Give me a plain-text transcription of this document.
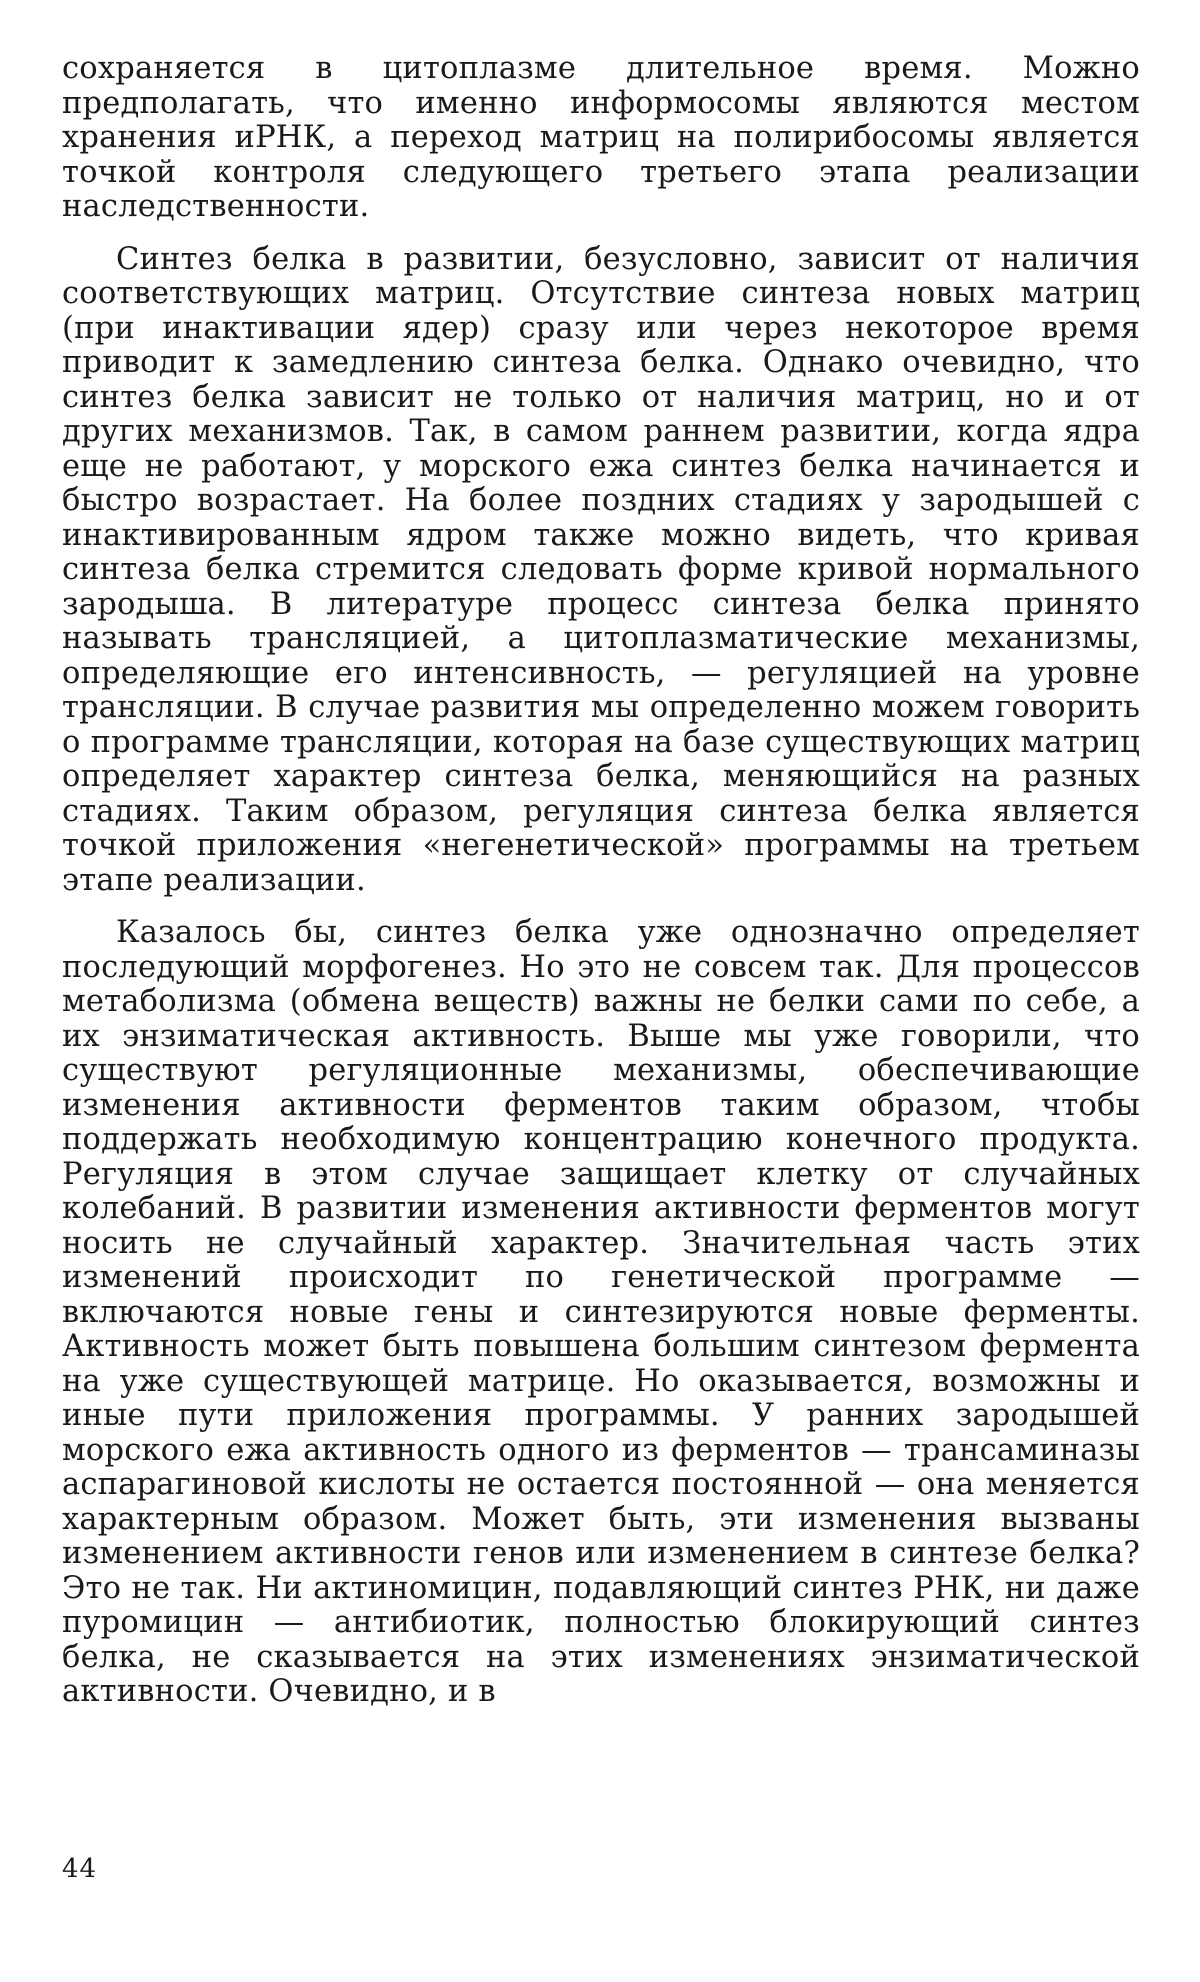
сохраняется в цитоплазме длительное время. Можно предполагать, что именно информосомы являются местом хранения иРНК, а переход матриц на полирибосомы является точкой контроля следующего третьего этапа реализации наследственности.

Синтез белка в развитии, безусловно, зависит от наличия соответствующих матриц. Отсутствие синтеза новых матриц (при инактивации ядер) сразу или через некоторое время приводит к замедлению синтеза белка. Однако очевидно, что синтез белка зависит не только от наличия матриц, но и от других механизмов. Так, в самом раннем развитии, когда ядра еще не работают, у морского ежа синтез белка начинается и быстро возрастает. На более поздних стадиях у зародышей с инактивированным ядром также можно видеть, что кривая синтеза белка стремится следовать форме кривой нормального зародыша. В литературе процесс синтеза белка принято называть трансляцией, а цитоплазматические механизмы, определяющие его интенсивность, — регуляцией на уровне трансляции. В случае развития мы определенно можем говорить о программе трансляции, которая на базе существующих матриц определяет характер синтеза белка, меняющийся на разных стадиях. Таким образом, регуляция синтеза белка является точкой приложения «негенетической» программы на третьем этапе реализации.

Казалось бы, синтез белка уже однозначно определяет последующий морфогенез. Но это не совсем так. Для процессов метаболизма (обмена веществ) важны не белки сами по себе, а их энзиматическая активность. Выше мы уже говорили, что существуют регуляционные механизмы, обеспечивающие изменения активности ферментов таким образом, чтобы поддержать необходимую концентрацию конечного продукта. Регуляция в этом случае защищает клетку от случайных колебаний. В развитии изменения активности ферментов могут носить не случайный характер. Значительная часть этих изменений происходит по генетической программе — включаются новые гены и синтезируются новые ферменты. Активность может быть повышена большим синтезом фермента на уже существующей матрице. Но оказывается, возможны и иные пути приложения программы. У ранних зародышей морского ежа активность одного из ферментов — трансаминазы аспарагиновой кислоты не остается постоянной — она меняется характерным образом. Может быть, эти изменения вызваны изменением активности генов или изменением в синтезе белка? Это не так. Ни актиномицин, подавляющий синтез РНК, ни даже пуромицин — антибиотик, полностью блокирующий синтез белка, не сказывается на этих изменениях энзиматической активности. Очевидно, и в

44
